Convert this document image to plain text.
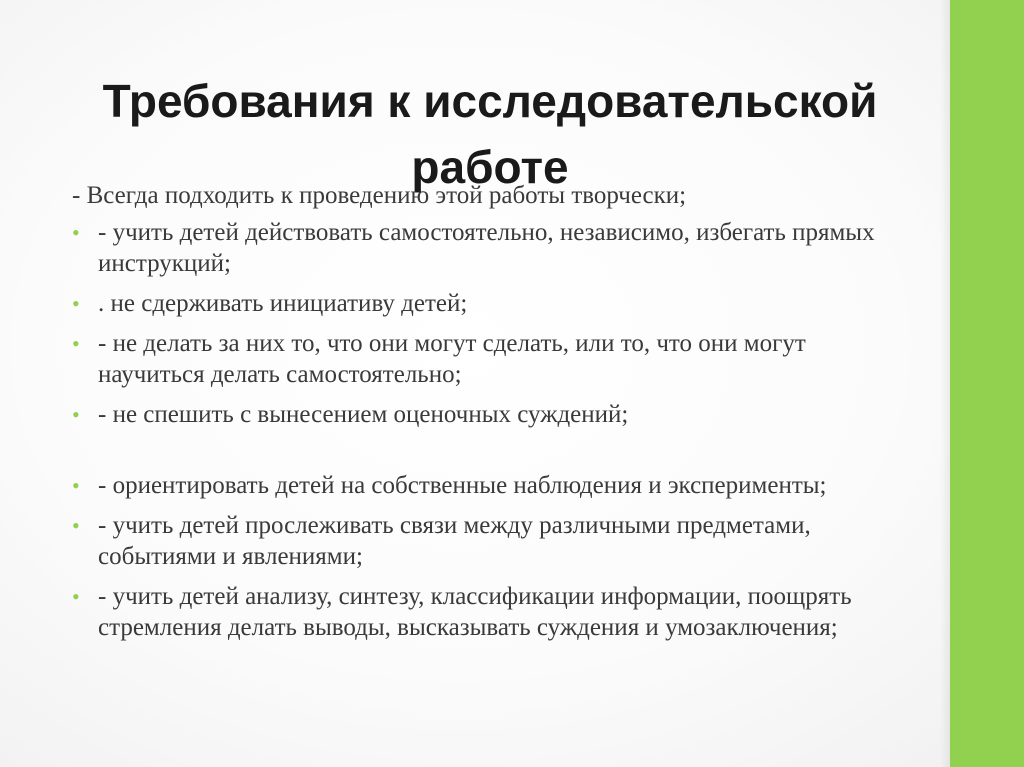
Требования к исследовательской работе

- Всегда подходить к проведению этой работы творчески;

• - учить детей действовать самостоятельно, независимо, избегать прямых инструкций;
• . не сдерживать инициативу детей;
• - не делать за них то, что они могут сделать, или то, что они могут научиться делать самостоятельно;
• - не спешить с вынесением оценочных суждений;
• - ориентировать детей на собственные наблюдения и эксперименты;
• - учить детей прослеживать связи между различными предметами, событиями и явлениями;
• - учить детей анализу, синтезу, классификации информации, поощрять стремления делать выводы, высказывать суждения и умозаключения;
